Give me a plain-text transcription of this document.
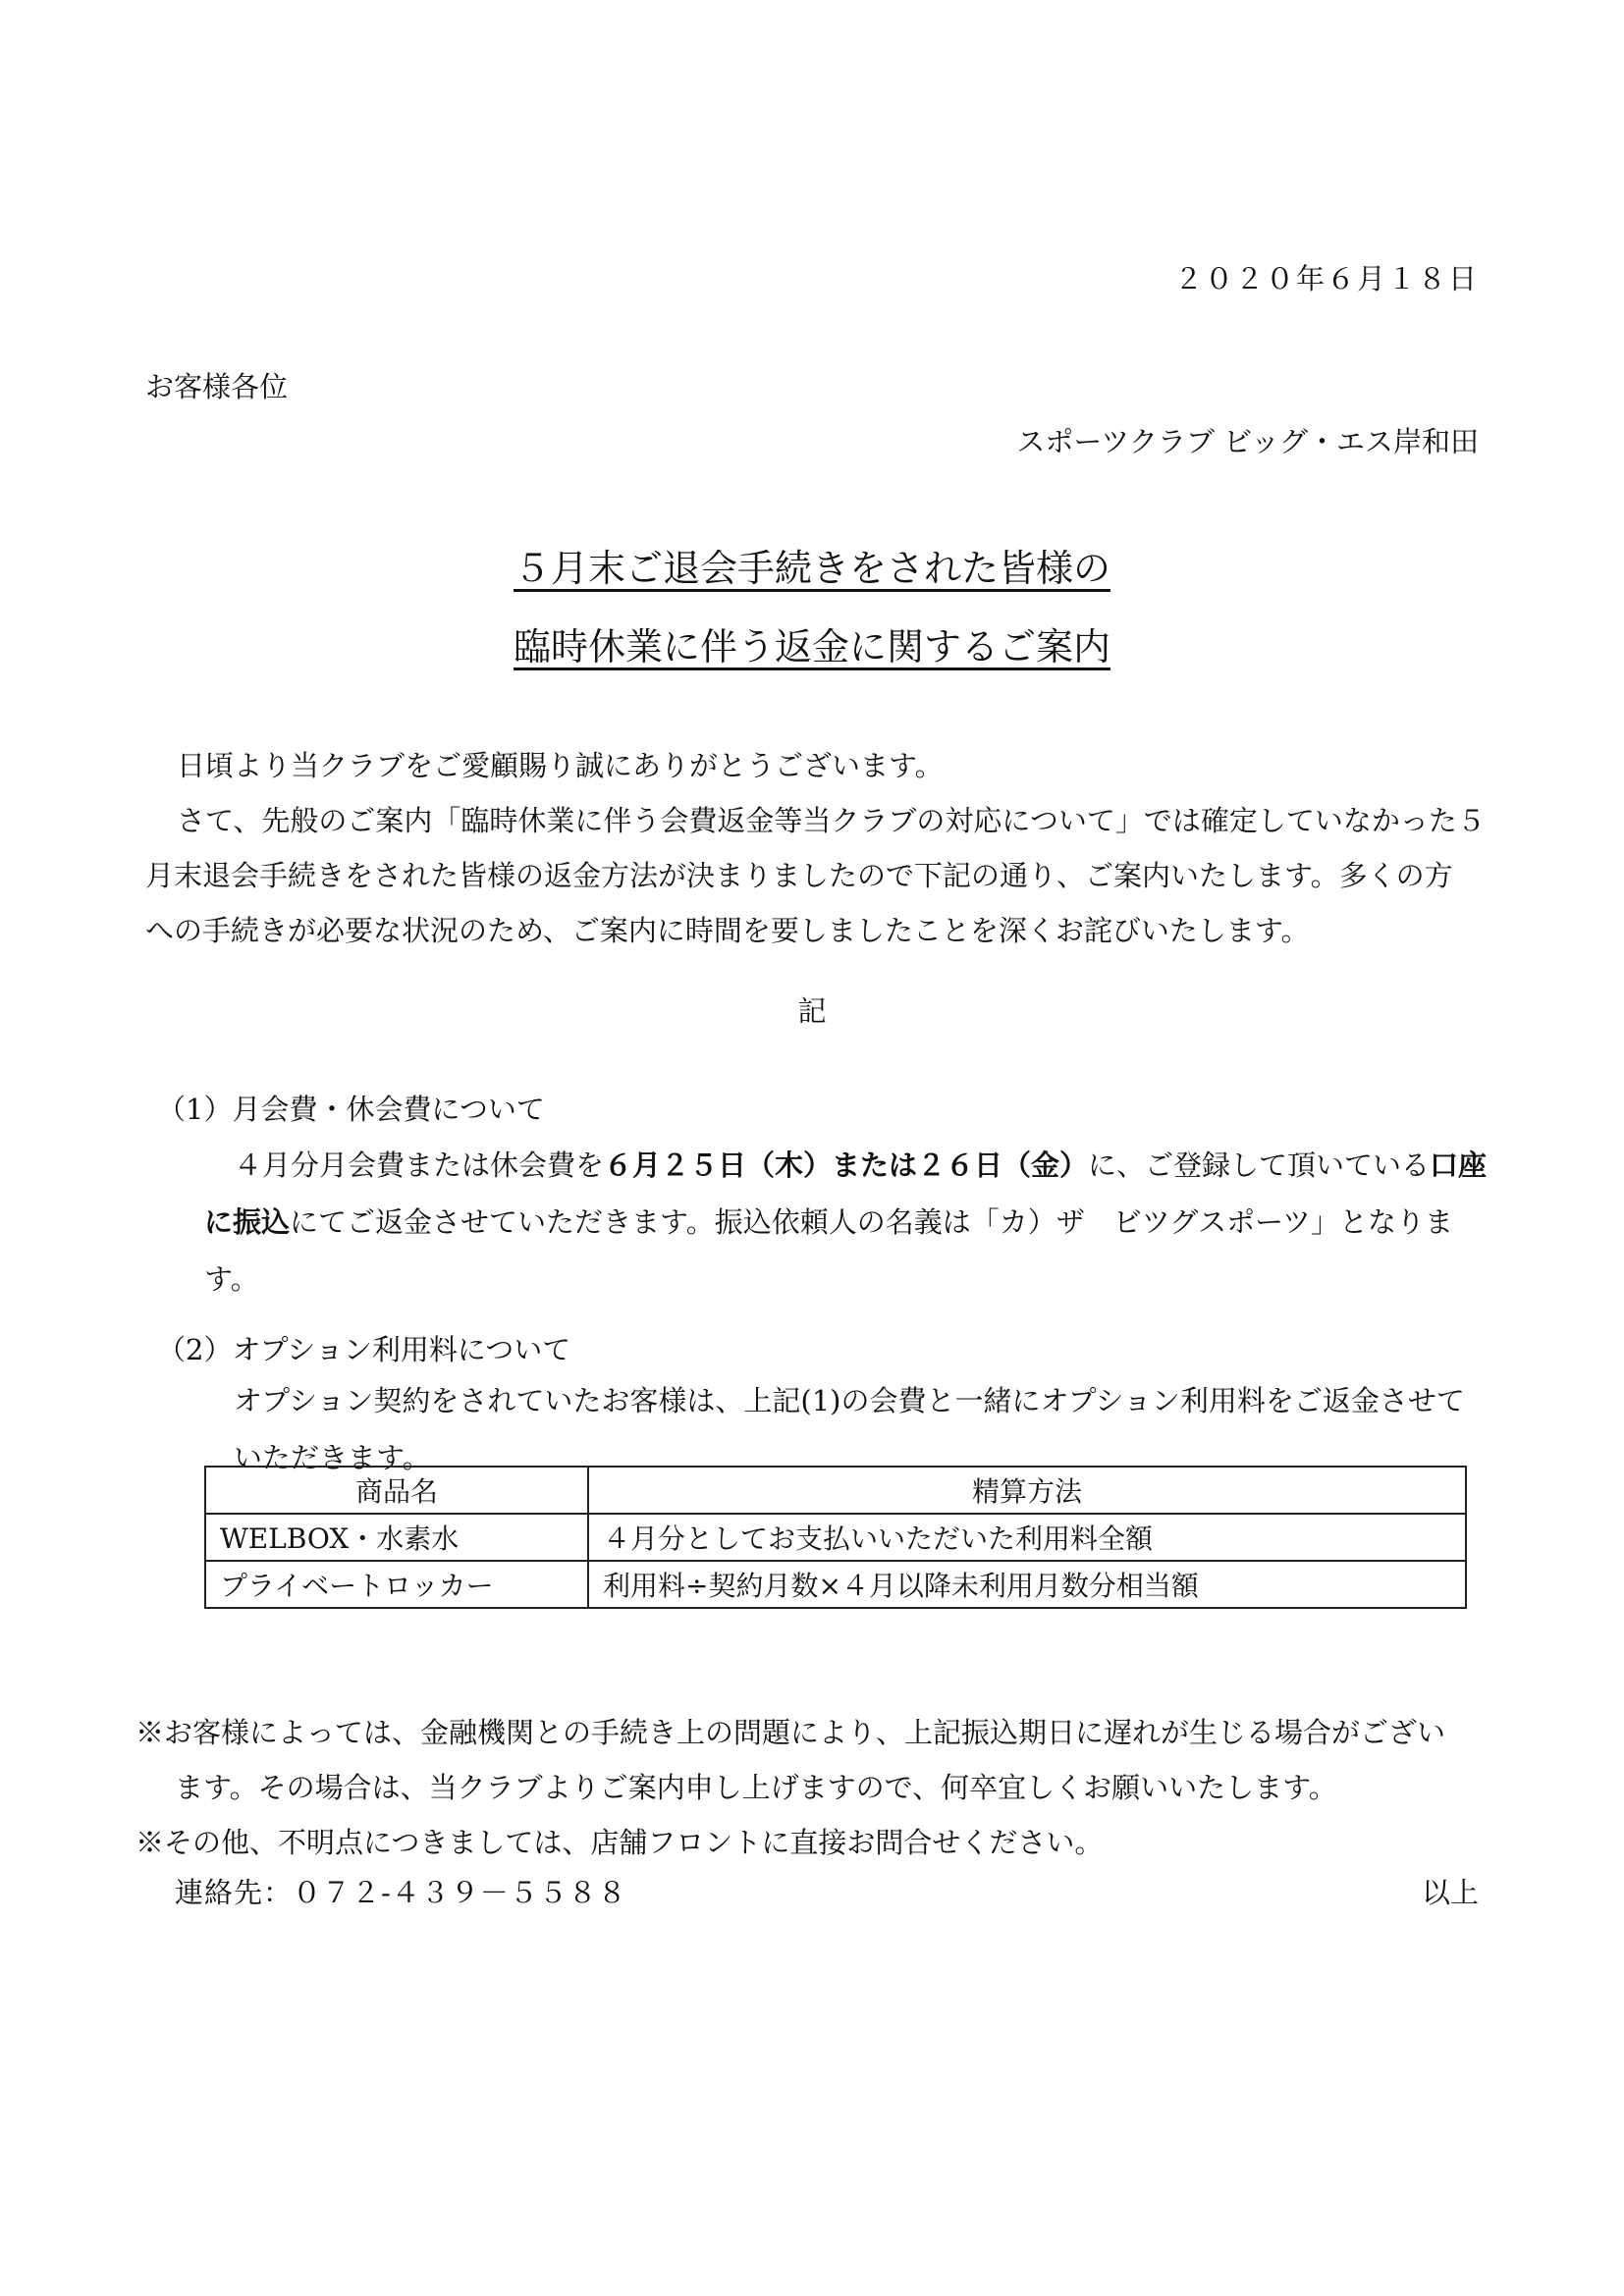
２０２０年６月１８日
お客様各位
スポーツクラブ ビッグ・エス岸和田
５月末ご退会手続きをされた皆様の
臨時休業に伴う返金に関するご案内
日頃より当クラブをご愛顧賜り誠にありがとうございます。
さて、先般のご案内「臨時休業に伴う会費返金等当クラブの対応について」では確定していなかった５
月末退会手続きをされた皆様の返金方法が決まりましたので下記の通り、ご案内いたします。多くの方
への手続きが必要な状況のため、ご案内に時間を要しましたことを深くお詫びいたします。
記
（1）月会費・休会費について
４月分月会費または休会費を６月２５日（木）または２６日（金）に、ご登録して頂いている口座
に振込にてご返金させていただきます。振込依頼人の名義は「カ）ザ　ビツグスポーツ」となりま
す。
（2）オプション利用料について
オプション契約をされていたお客様は、上記(1)の会費と一緒にオプション利用料をご返金させて
いただきます。
商品名	精算方法
WELBOX・水素水	４月分としてお支払いいただいた利用料全額
プライベートロッカー	利用料÷契約月数×４月以降未利用月数分相当額
※お客様によっては、金融機関との手続き上の問題により、上記振込期日に遅れが生じる場合がござい
ます。その場合は、当クラブよりご案内申し上げますので、何卒宜しくお願いいたします。
※その他、不明点につきましては、店舗フロントに直接お問合せください。
連絡先：０７２-４３９－５５８８	以上
